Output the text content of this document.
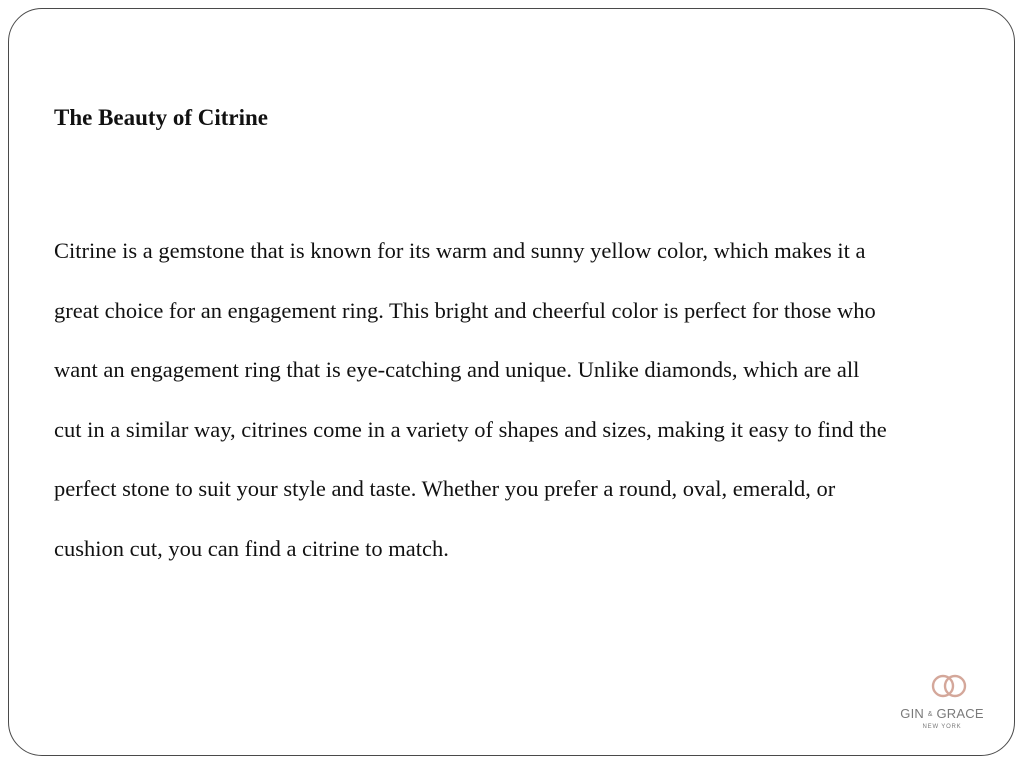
The Beauty of Citrine

Citrine is a gemstone that is known for its warm and sunny yellow color, which makes it a
great choice for an engagement ring. This bright and cheerful color is perfect for those who
want an engagement ring that is eye-catching and unique. Unlike diamonds, which are all
cut in a similar way, citrines come in a variety of shapes and sizes, making it easy to find the
perfect stone to suit your style and taste. Whether you prefer a round, oval, emerald, or
cushion cut, you can find a citrine to match.

GIN & GRACE
NEW YORK
